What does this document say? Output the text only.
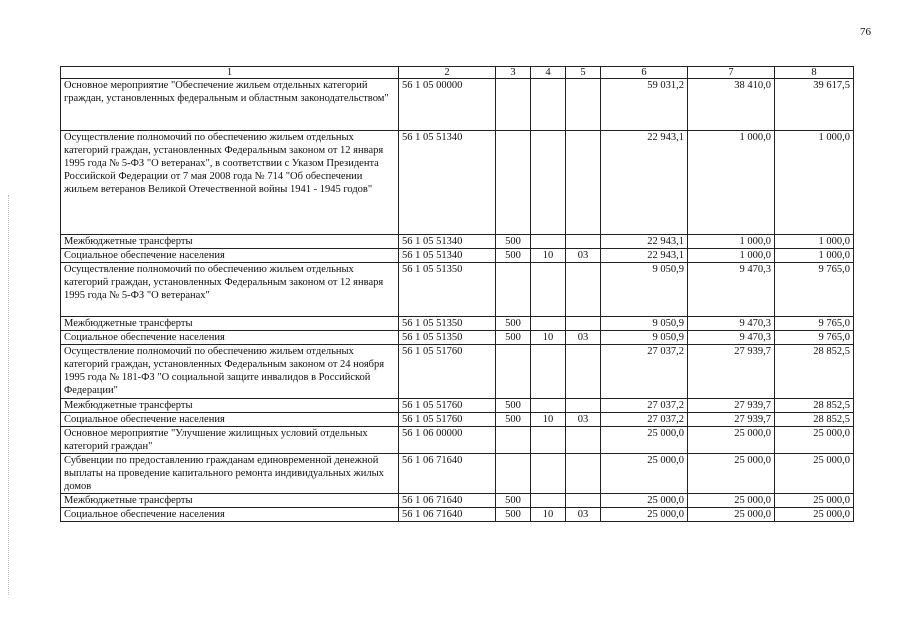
76
1	2	3	4	5	6	7	8
Основное мероприятие "Обеспечение жильем отдельных категорий граждан, установленных федеральным и областным законодательством"	56 1 05 00000				59 031,2	38 410,0	39 617,5
Осуществление полномочий по обеспечению жильем отдельных категорий граждан, установленных Федеральным законом от 12 января 1995 года № 5-ФЗ "О ветеранах", в соответствии с Указом Президента Российской Федерации от 7 мая 2008 года № 714 "Об обеспечении жильем ветеранов Великой Отечественной войны 1941 - 1945 годов"	56 1 05 51340				22 943,1	1 000,0	1 000,0
Межбюджетные трансферты	56 1 05 51340	500			22 943,1	1 000,0	1 000,0
Социальное обеспечение населения	56 1 05 51340	500	10	03	22 943,1	1 000,0	1 000,0
Осуществление полномочий по обеспечению жильем отдельных категорий граждан, установленных Федеральным законом от 12 января 1995 года № 5-ФЗ "О ветеранах"	56 1 05 51350				9 050,9	9 470,3	9 765,0
Межбюджетные трансферты	56 1 05 51350	500			9 050,9	9 470,3	9 765,0
Социальное обеспечение населения	56 1 05 51350	500	10	03	9 050,9	9 470,3	9 765,0
Осуществление полномочий по обеспечению жильем отдельных категорий граждан, установленных Федеральным законом от 24 ноября 1995 года № 181-ФЗ "О социальной защите инвалидов в Российской Федерации"	56 1 05 51760				27 037,2	27 939,7	28 852,5
Межбюджетные трансферты	56 1 05 51760	500			27 037,2	27 939,7	28 852,5
Социальное обеспечение населения	56 1 05 51760	500	10	03	27 037,2	27 939,7	28 852,5
Основное мероприятие "Улучшение жилищных условий отдельных категорий граждан"	56 1 06 00000				25 000,0	25 000,0	25 000,0
Субвенции по предоставлению гражданам единовременной денежной выплаты на проведение капитального ремонта индивидуальных жилых домов	56 1 06 71640				25 000,0	25 000,0	25 000,0
Межбюджетные трансферты	56 1 06 71640	500			25 000,0	25 000,0	25 000,0
Социальное обеспечение населения	56 1 06 71640	500	10	03	25 000,0	25 000,0	25 000,0
